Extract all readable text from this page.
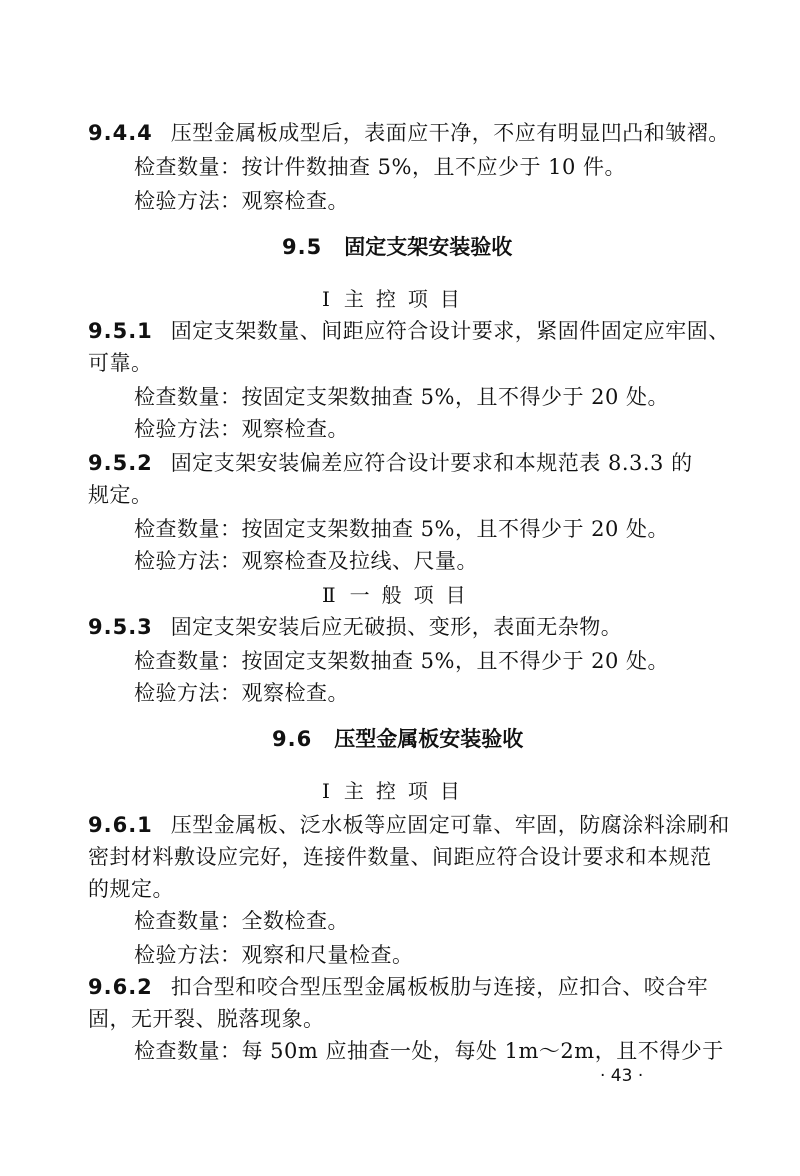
9.4.4 压型金属板成型后，表面应干净，不应有明显凹凸和皱褶。
检查数量：按计件数抽查 5%，且不应少于 10 件。
检验方法：观察检查。
9.5 固定支架安装验收
Ⅰ 主控项目
9.5.1 固定支架数量、间距应符合设计要求，紧固件固定应牢固、
可靠。
检查数量：按固定支架数抽查 5%，且不得少于 20 处。
检验方法：观察检查。
9.5.2 固定支架安装偏差应符合设计要求和本规范表 8.3.3 的
规定。
检查数量：按固定支架数抽查 5%，且不得少于 20 处。
检验方法：观察检查及拉线、尺量。
Ⅱ 一般项目
9.5.3 固定支架安装后应无破损、变形，表面无杂物。
检查数量：按固定支架数抽查 5%，且不得少于 20 处。
检验方法：观察检查。
9.6 压型金属板安装验收
Ⅰ 主控项目
9.6.1 压型金属板、泛水板等应固定可靠、牢固，防腐涂料涂刷和
密封材料敷设应完好，连接件数量、间距应符合设计要求和本规范
的规定。
检查数量：全数检查。
检验方法：观察和尺量检查。
9.6.2 扣合型和咬合型压型金属板板肋与连接，应扣合、咬合牢
固，无开裂、脱落现象。
检查数量：每 50m 应抽查一处，每处 1m～2m，且不得少于
· 43 ·
